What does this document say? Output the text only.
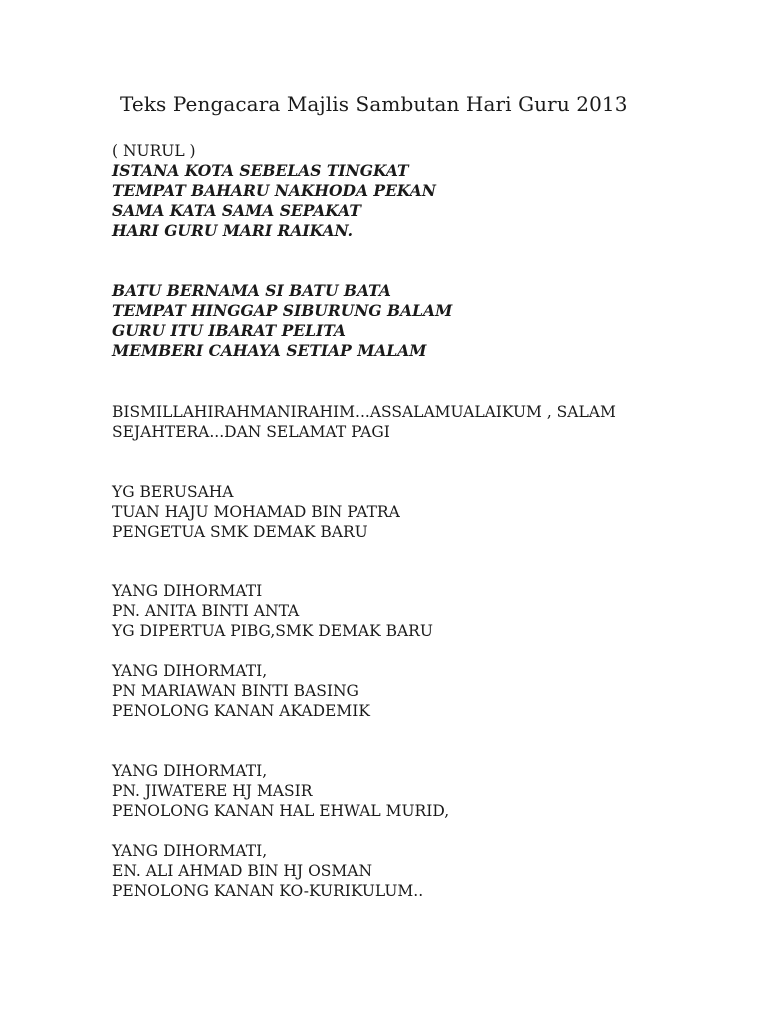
Teks Pengacara Majlis Sambutan Hari Guru 2013
( NURUL )
ISTANA KOTA SEBELAS TINGKAT
TEMPAT BAHARU NAKHODA PEKAN
SAMA KATA SAMA SEPAKAT
HARI GURU MARI RAIKAN.
BATU BERNAMA SI BATU BATA
TEMPAT HINGGAP SIBURUNG BALAM
GURU ITU IBARAT PELITA
MEMBERI CAHAYA SETIAP MALAM
BISMILLAHIRAHMANIRAHIM...ASSALAMUALAIKUM , SALAM
SEJAHTERA...DAN SELAMAT PAGI
YG BERUSAHA
TUAN HAJU MOHAMAD BIN PATRA
PENGETUA SMK DEMAK BARU
YANG DIHORMATI
PN. ANITA BINTI ANTA
YG DIPERTUA PIBG,SMK DEMAK BARU
YANG DIHORMATI,
PN MARIAWAN BINTI BASING
PENOLONG KANAN AKADEMIK
YANG DIHORMATI,
PN. JIWATERE HJ MASIR
PENOLONG KANAN HAL EHWAL MURID,
YANG DIHORMATI,
EN. ALI AHMAD BIN HJ OSMAN
PENOLONG KANAN KO-KURIKULUM..
